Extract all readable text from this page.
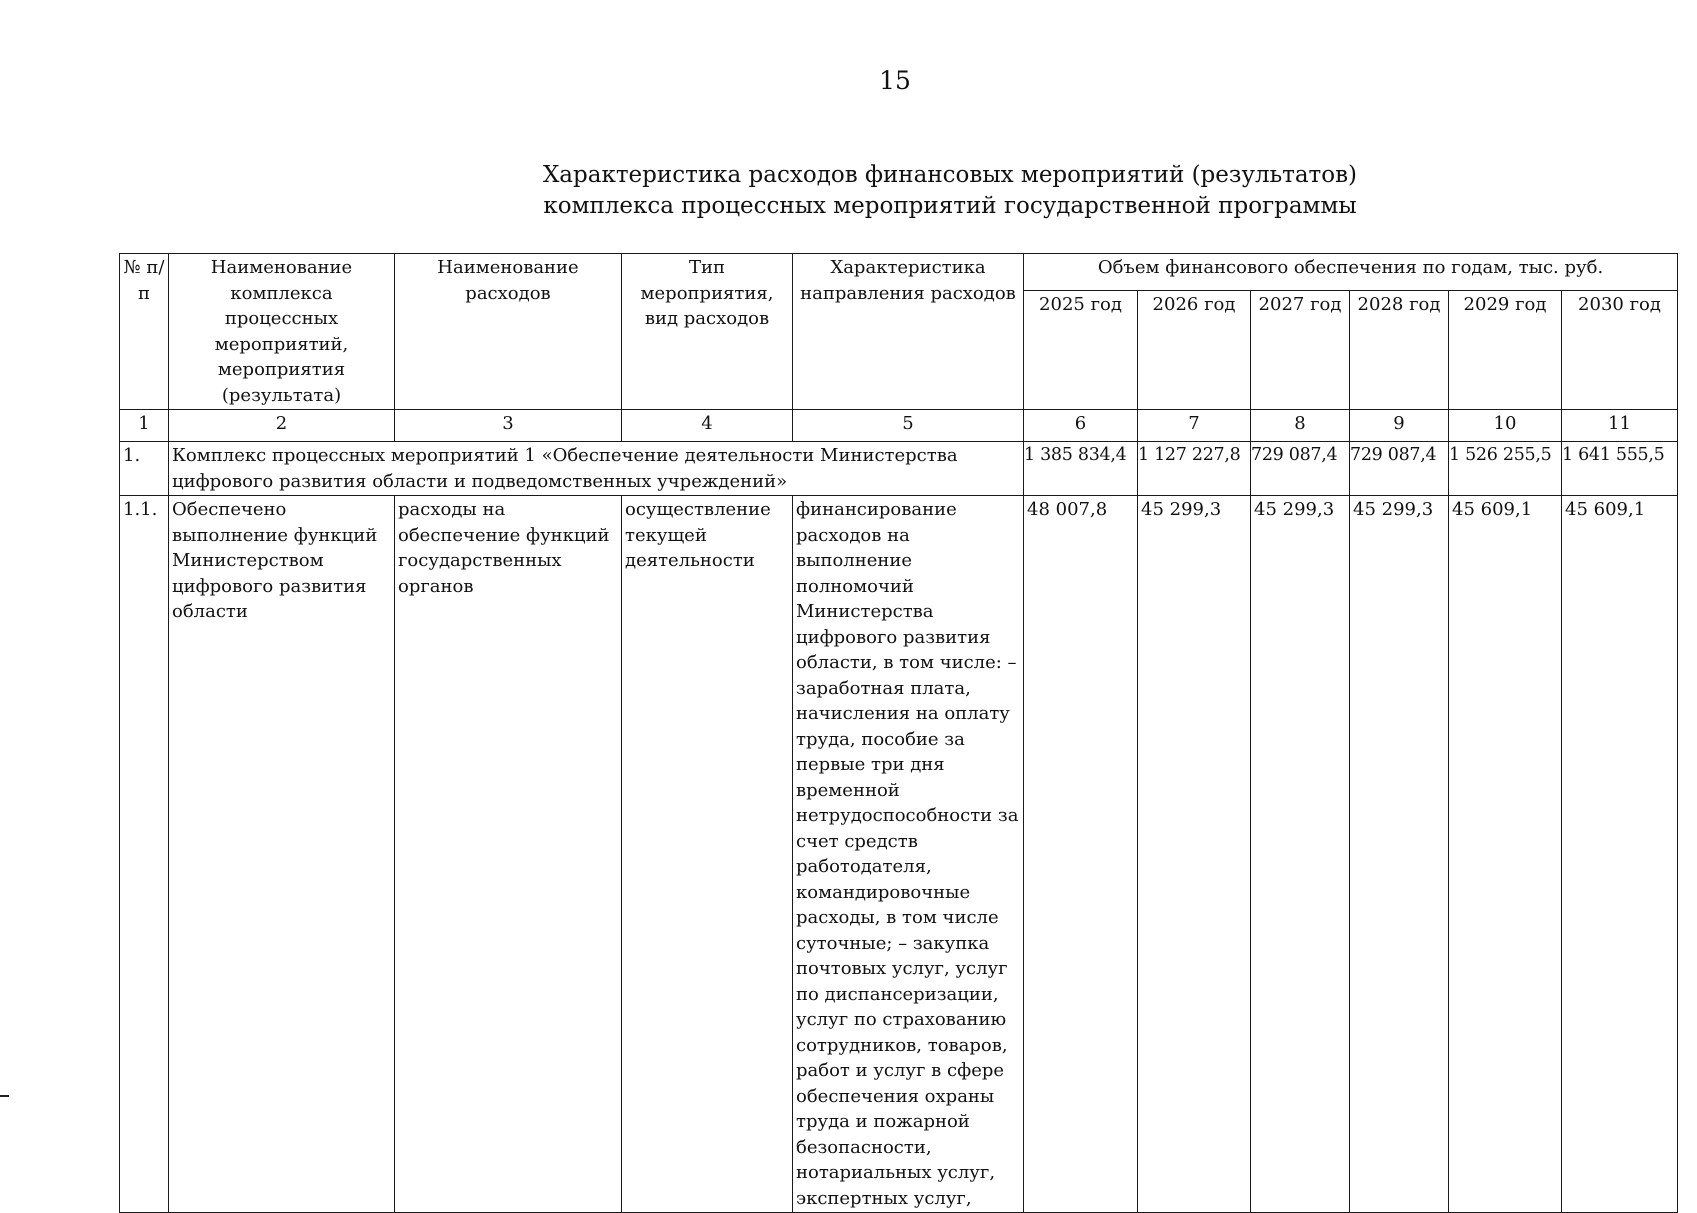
15
Характеристика расходов финансовых мероприятий (результатов)
комплекса процессных мероприятий государственной программы
№ п/п	Наименование комплекса процессных мероприятий, мероприятия (результата)	Наименование расходов	Тип мероприятия, вид расходов	Характеристика направления расходов	Объем финансового обеспечения по годам, тыс. руб.					
					2025 год	2026 год	2027 год	2028 год	2029 год	2030 год
1	2	3	4	5	6	7	8	9	10	11
1.	Комплекс процессных мероприятий 1 «Обеспечение деятельности Министерства цифрового развития области и подведомственных учреждений»				1 385 834,4	1 127 227,8	729 087,4	729 087,4	1 526 255,5	1 641 555,5
1.1.	Обеспечено выполнение функций Министерством цифрового развития области	расходы на обеспечение функций государственных органов	осуществление текущей деятельности	финансирование расходов на выполнение полномочий Министерства цифрового развития области, в том числе: – заработная плата, начисления на оплату труда, пособие за первые три дня временной нетрудоспособности за счет средств работодателя, командировочные расходы, в том числе суточные; – закупка почтовых услуг, услуг по диспансеризации, услуг по страхованию сотрудников, товаров, работ и услуг в сфере обеспечения охраны труда и пожарной безопасности, нотариальных услуг, экспертных услуг,	48 007,8	45 299,3	45 299,3	45 299,3	45 609,1	45 609,1
